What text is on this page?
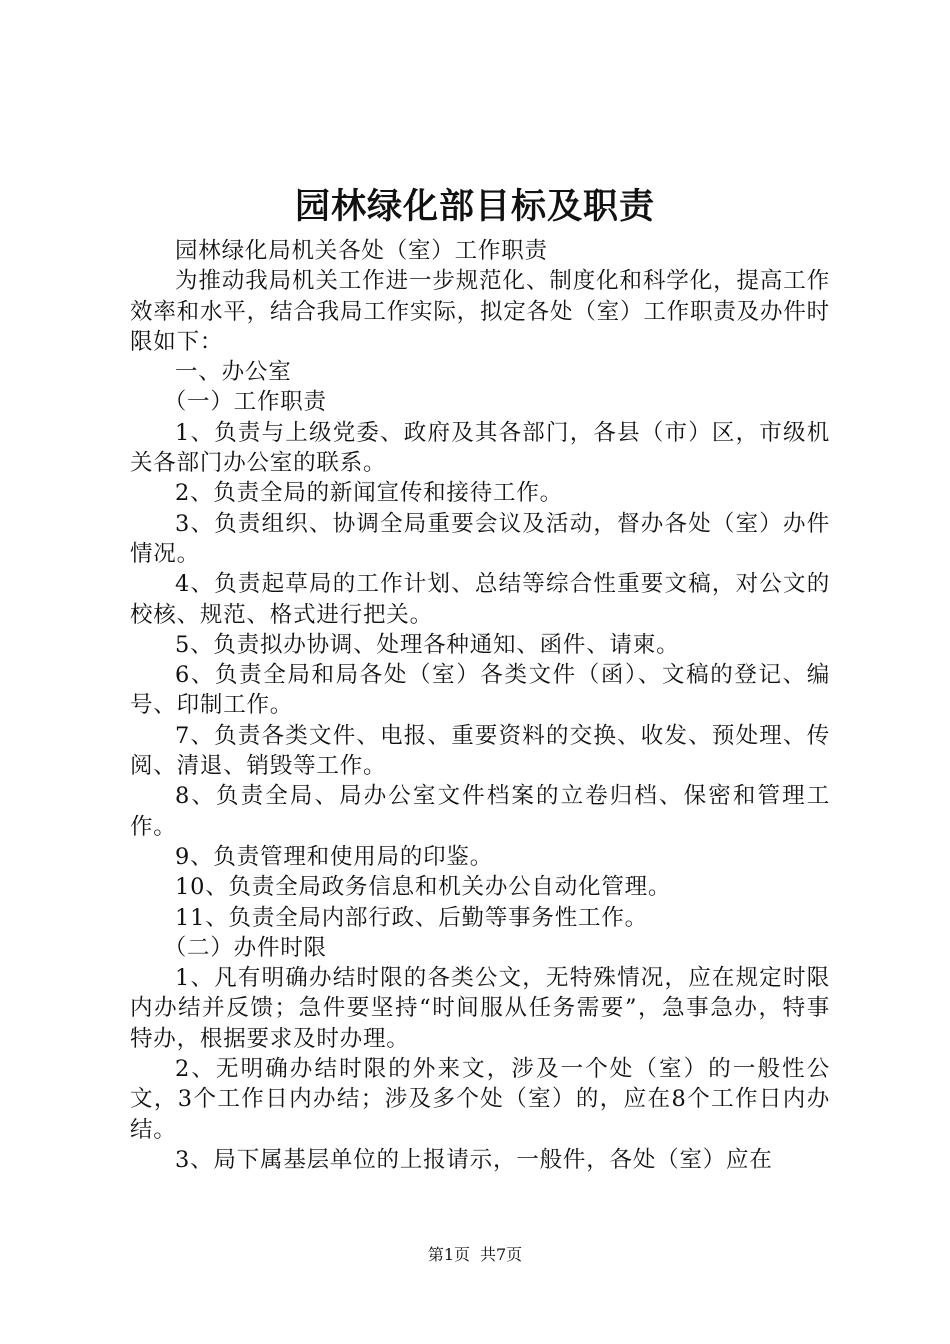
园林绿化部目标及职责

园林绿化局机关各处（室）工作职责

为推动我局机关工作进一步规范化、制度化和科学化，提高工作效率和水平，结合我局工作实际，拟定各处（室）工作职责及办件时限如下：

一、办公室

（一）工作职责

1、负责与上级党委、政府及其各部门，各县（市）区，市级机关各部门办公室的联系。

2、负责全局的新闻宣传和接待工作。

3、负责组织、协调全局重要会议及活动，督办各处（室）办件情况。

4、负责起草局的工作计划、总结等综合性重要文稿，对公文的校核、规范、格式进行把关。

5、负责拟办协调、处理各种通知、函件、请柬。

6、负责全局和局各处（室）各类文件（函）、文稿的登记、编号、印制工作。

7、负责各类文件、电报、重要资料的交换、收发、预处理、传阅、清退、销毁等工作。

8、负责全局、局办公室文件档案的立卷归档、保密和管理工作。

9、负责管理和使用局的印鉴。

10、负责全局政务信息和机关办公自动化管理。

11、负责全局内部行政、后勤等事务性工作。

（二）办件时限

1、凡有明确办结时限的各类公文，无特殊情况，应在规定时限内办结并反馈；急件要坚持“时间服从任务需要”，急事急办，特事特办，根据要求及时办理。

2、无明确办结时限的外来文，涉及一个处（室）的一般性公文，3个工作日内办结；涉及多个处（室）的，应在8个工作日内办结。

3、局下属基层单位的上报请示，一般件，各处（室）应在

第1页 共7页
